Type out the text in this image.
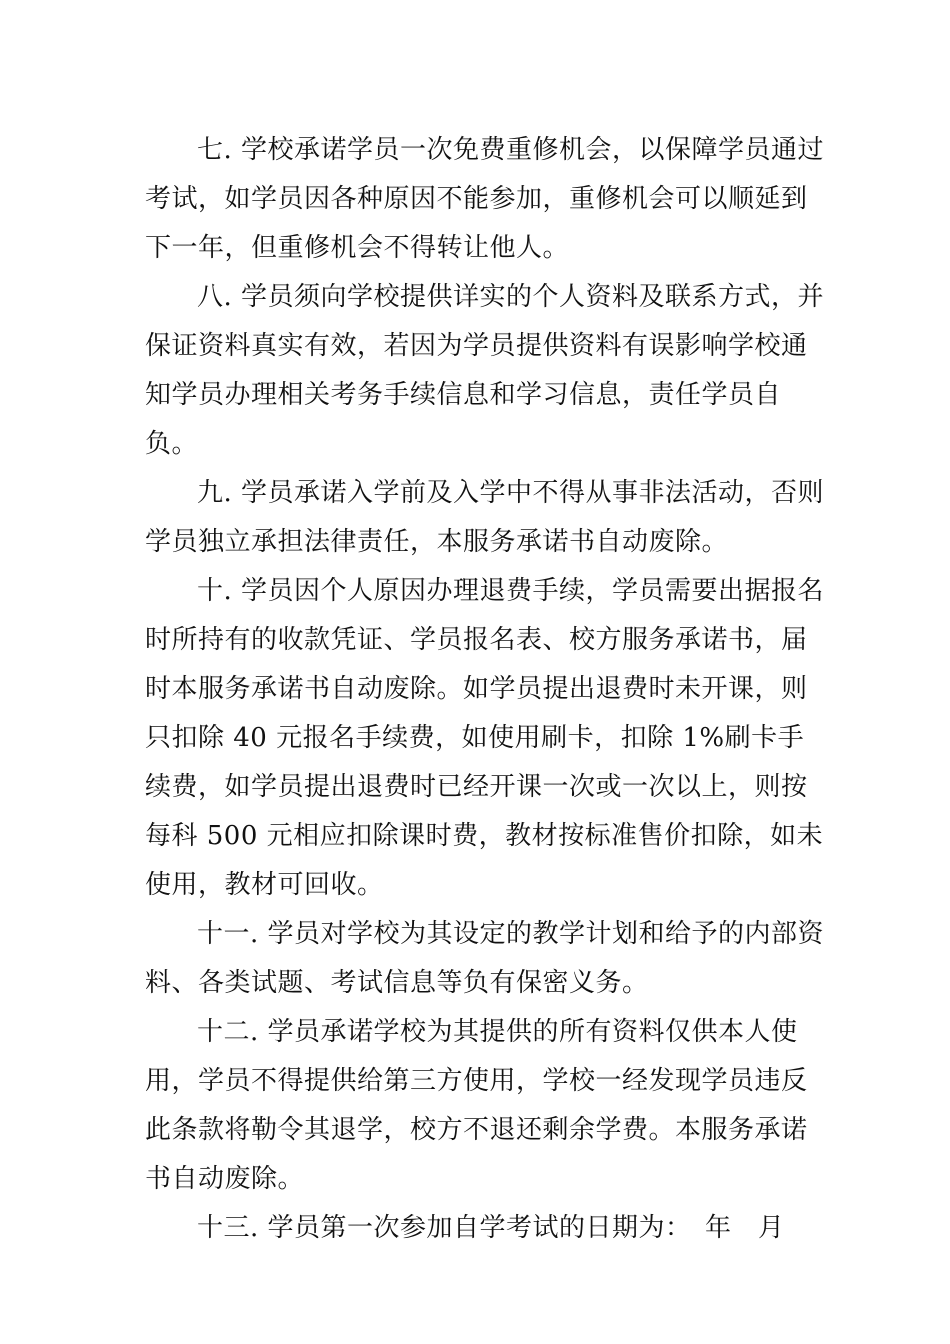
七. 学校承诺学员一次免费重修机会，以保障学员通过考试，如学员因各种原因不能参加，重修机会可以顺延到下一年，但重修机会不得转让他人。

八. 学员须向学校提供详实的个人资料及联系方式，并保证资料真实有效，若因为学员提供资料有误影响学校通知学员办理相关考务手续信息和学习信息，责任学员自负。

九. 学员承诺入学前及入学中不得从事非法活动，否则学员独立承担法律责任，本服务承诺书自动废除。

十. 学员因个人原因办理退费手续，学员需要出据报名时所持有的收款凭证、学员报名表、校方服务承诺书，届时本服务承诺书自动废除。如学员提出退费时未开课，则只扣除 40 元报名手续费，如使用刷卡，扣除 1%刷卡手续费，如学员提出退费时已经开课一次或一次以上，则按每科 500 元相应扣除课时费，教材按标准售价扣除，如未使用，教材可回收。

十一. 学员对学校为其设定的教学计划和给予的内部资料、各类试题、考试信息等负有保密义务。

十二. 学员承诺学校为其提供的所有资料仅供本人使用，学员不得提供给第三方使用，学校一经发现学员违反此条款将勒令其退学，校方不退还剩余学费。本服务承诺书自动废除。

十三. 学员第一次参加自学考试的日期为：　年　月
